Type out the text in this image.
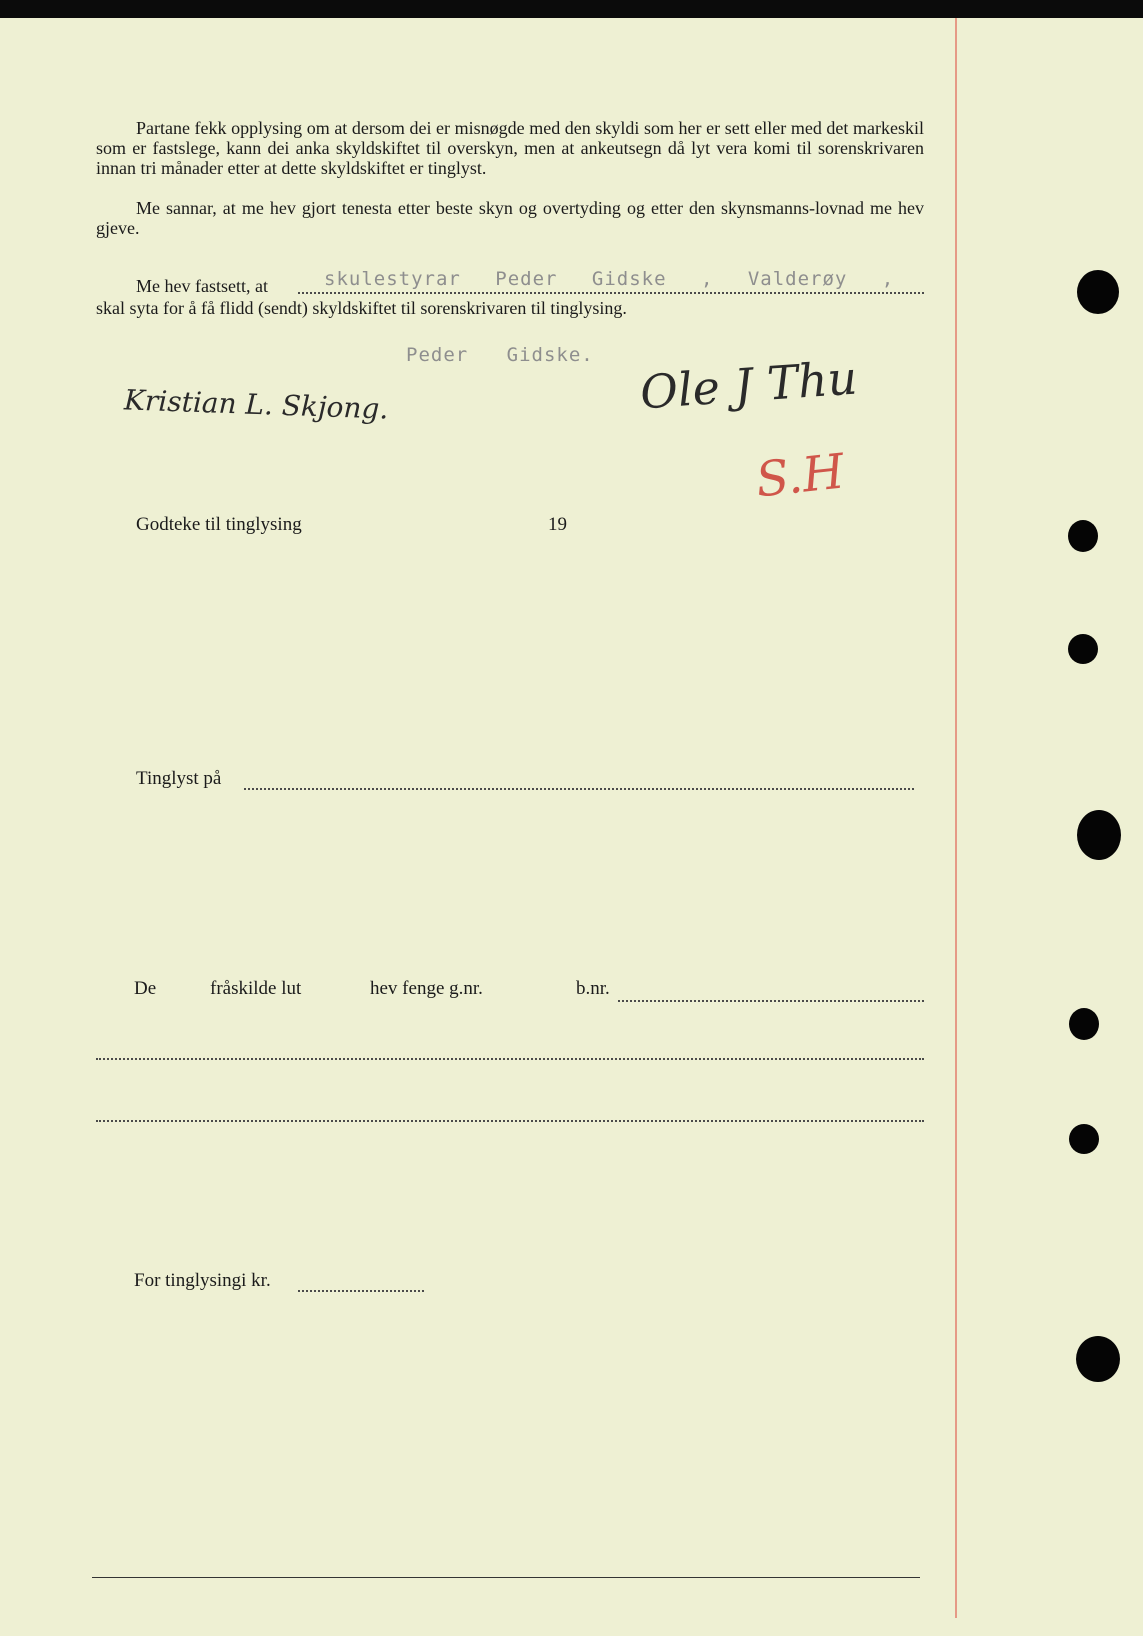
Partane fekk opplysing om at dersom dei er misnøgde med den skyldi som her er sett eller med det markeskil som er fastslege, kann dei anka skyldskiftet til overskyn, men at ankeutsegn då lyt vera komi til sorenskrivaren innan tri månader etter at dette skyldskiftet er tinglyst.

Me sannar, at me hev gjort tenesta etter beste skyn og overtyding og etter den skynsmanns-lovnad me hev gjeve.

Me hev fastsett, at	skulestyrar Peder Gidske , Valderøy ,
skal syta for å få flidd (sendt) skyldskiftet til sorenskrivaren til tinglysing.
Peder Gidske.
Kristian L. Skjong.	Ole J Thu
S.H
Godteke til tinglysing	19
Tinglyst på
De	fråskilde lut	hev fenge g.nr.	b.nr.
For tinglysingi kr.
